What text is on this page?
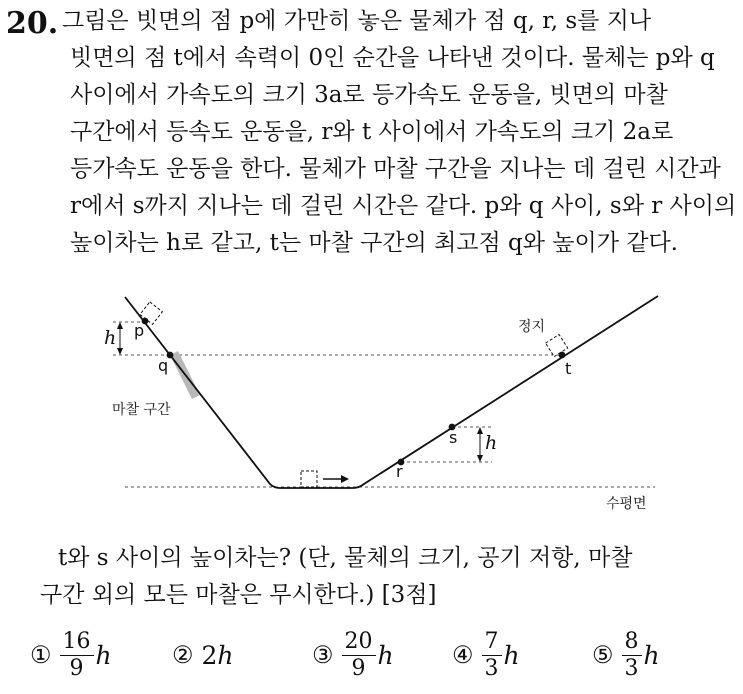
20. 그림은 빗면의 점 p에 가만히 놓은 물체가 점 q, r, s를 지나
빗면의 점 t에서 속력이 0인 순간을 나타낸 것이다. 물체는 p와 q
사이에서 가속도의 크기 3a로 등가속도 운동을, 빗면의 마찰
구간에서 등속도 운동을, r와 t 사이에서 가속도의 크기 2a로
등가속도 운동을 한다. 물체가 마찰 구간을 지나는 데 걸린 시간과
r에서 s까지 지나는 데 걸린 시간은 같다. p와 q 사이, s와 r 사이의
높이차는 h로 같고, t는 마찰 구간의 최고점 q와 높이가 같다.
h p
q
마찰 구간
정지
t
s h
r
수평면
t와 s 사이의 높이차는? (단, 물체의 크기, 공기 저항, 마찰
구간 외의 모든 마찰은 무시한다.) [3점]
① $\frac{16}{9}$ h	② 2 h	③ $\frac{20}{9}$ h ④ $\frac{7}{3}$ h	⑤ $\frac{8}{3}$ h
